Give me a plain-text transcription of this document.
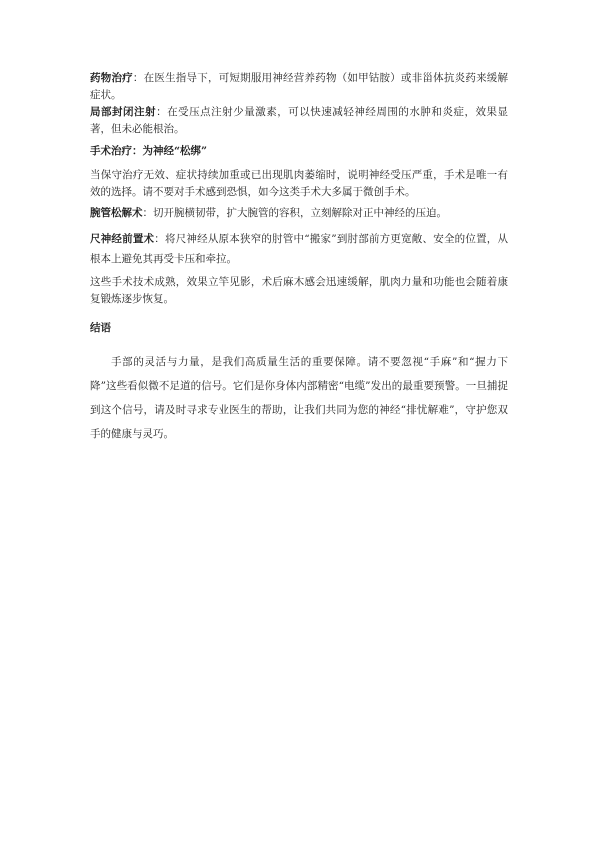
药物治疗：在医生指导下，可短期服用神经营养药物（如甲钴胺）或非甾体抗炎药来缓解症状。

局部封闭注射：在受压点注射少量激素，可以快速减轻神经周围的水肿和炎症，效果显著，但未必能根治。

手术治疗：为神经“松绑”

当保守治疗无效、症状持续加重或已出现肌肉萎缩时，说明神经受压严重，手术是唯一有效的选择。请不要对手术感到恐惧，如今这类手术大多属于微创手术。

腕管松解术：切开腕横韧带，扩大腕管的容积，立刻解除对正中神经的压迫。

尺神经前置术：将尺神经从原本狭窄的肘管中“搬家”到肘部前方更宽敞、安全的位置，从根本上避免其再受卡压和牵拉。

这些手术技术成熟，效果立竿见影，术后麻木感会迅速缓解，肌肉力量和功能也会随着康复锻炼逐步恢复。

结语

手部的灵活与力量，是我们高质量生活的重要保障。请不要忽视“手麻”和“握力下降”这些看似微不足道的信号。它们是你身体内部精密“电缆”发出的最重要预警。一旦捕捉到这个信号，请及时寻求专业医生的帮助，让我们共同为您的神经“排忧解难”，守护您双手的健康与灵巧。
